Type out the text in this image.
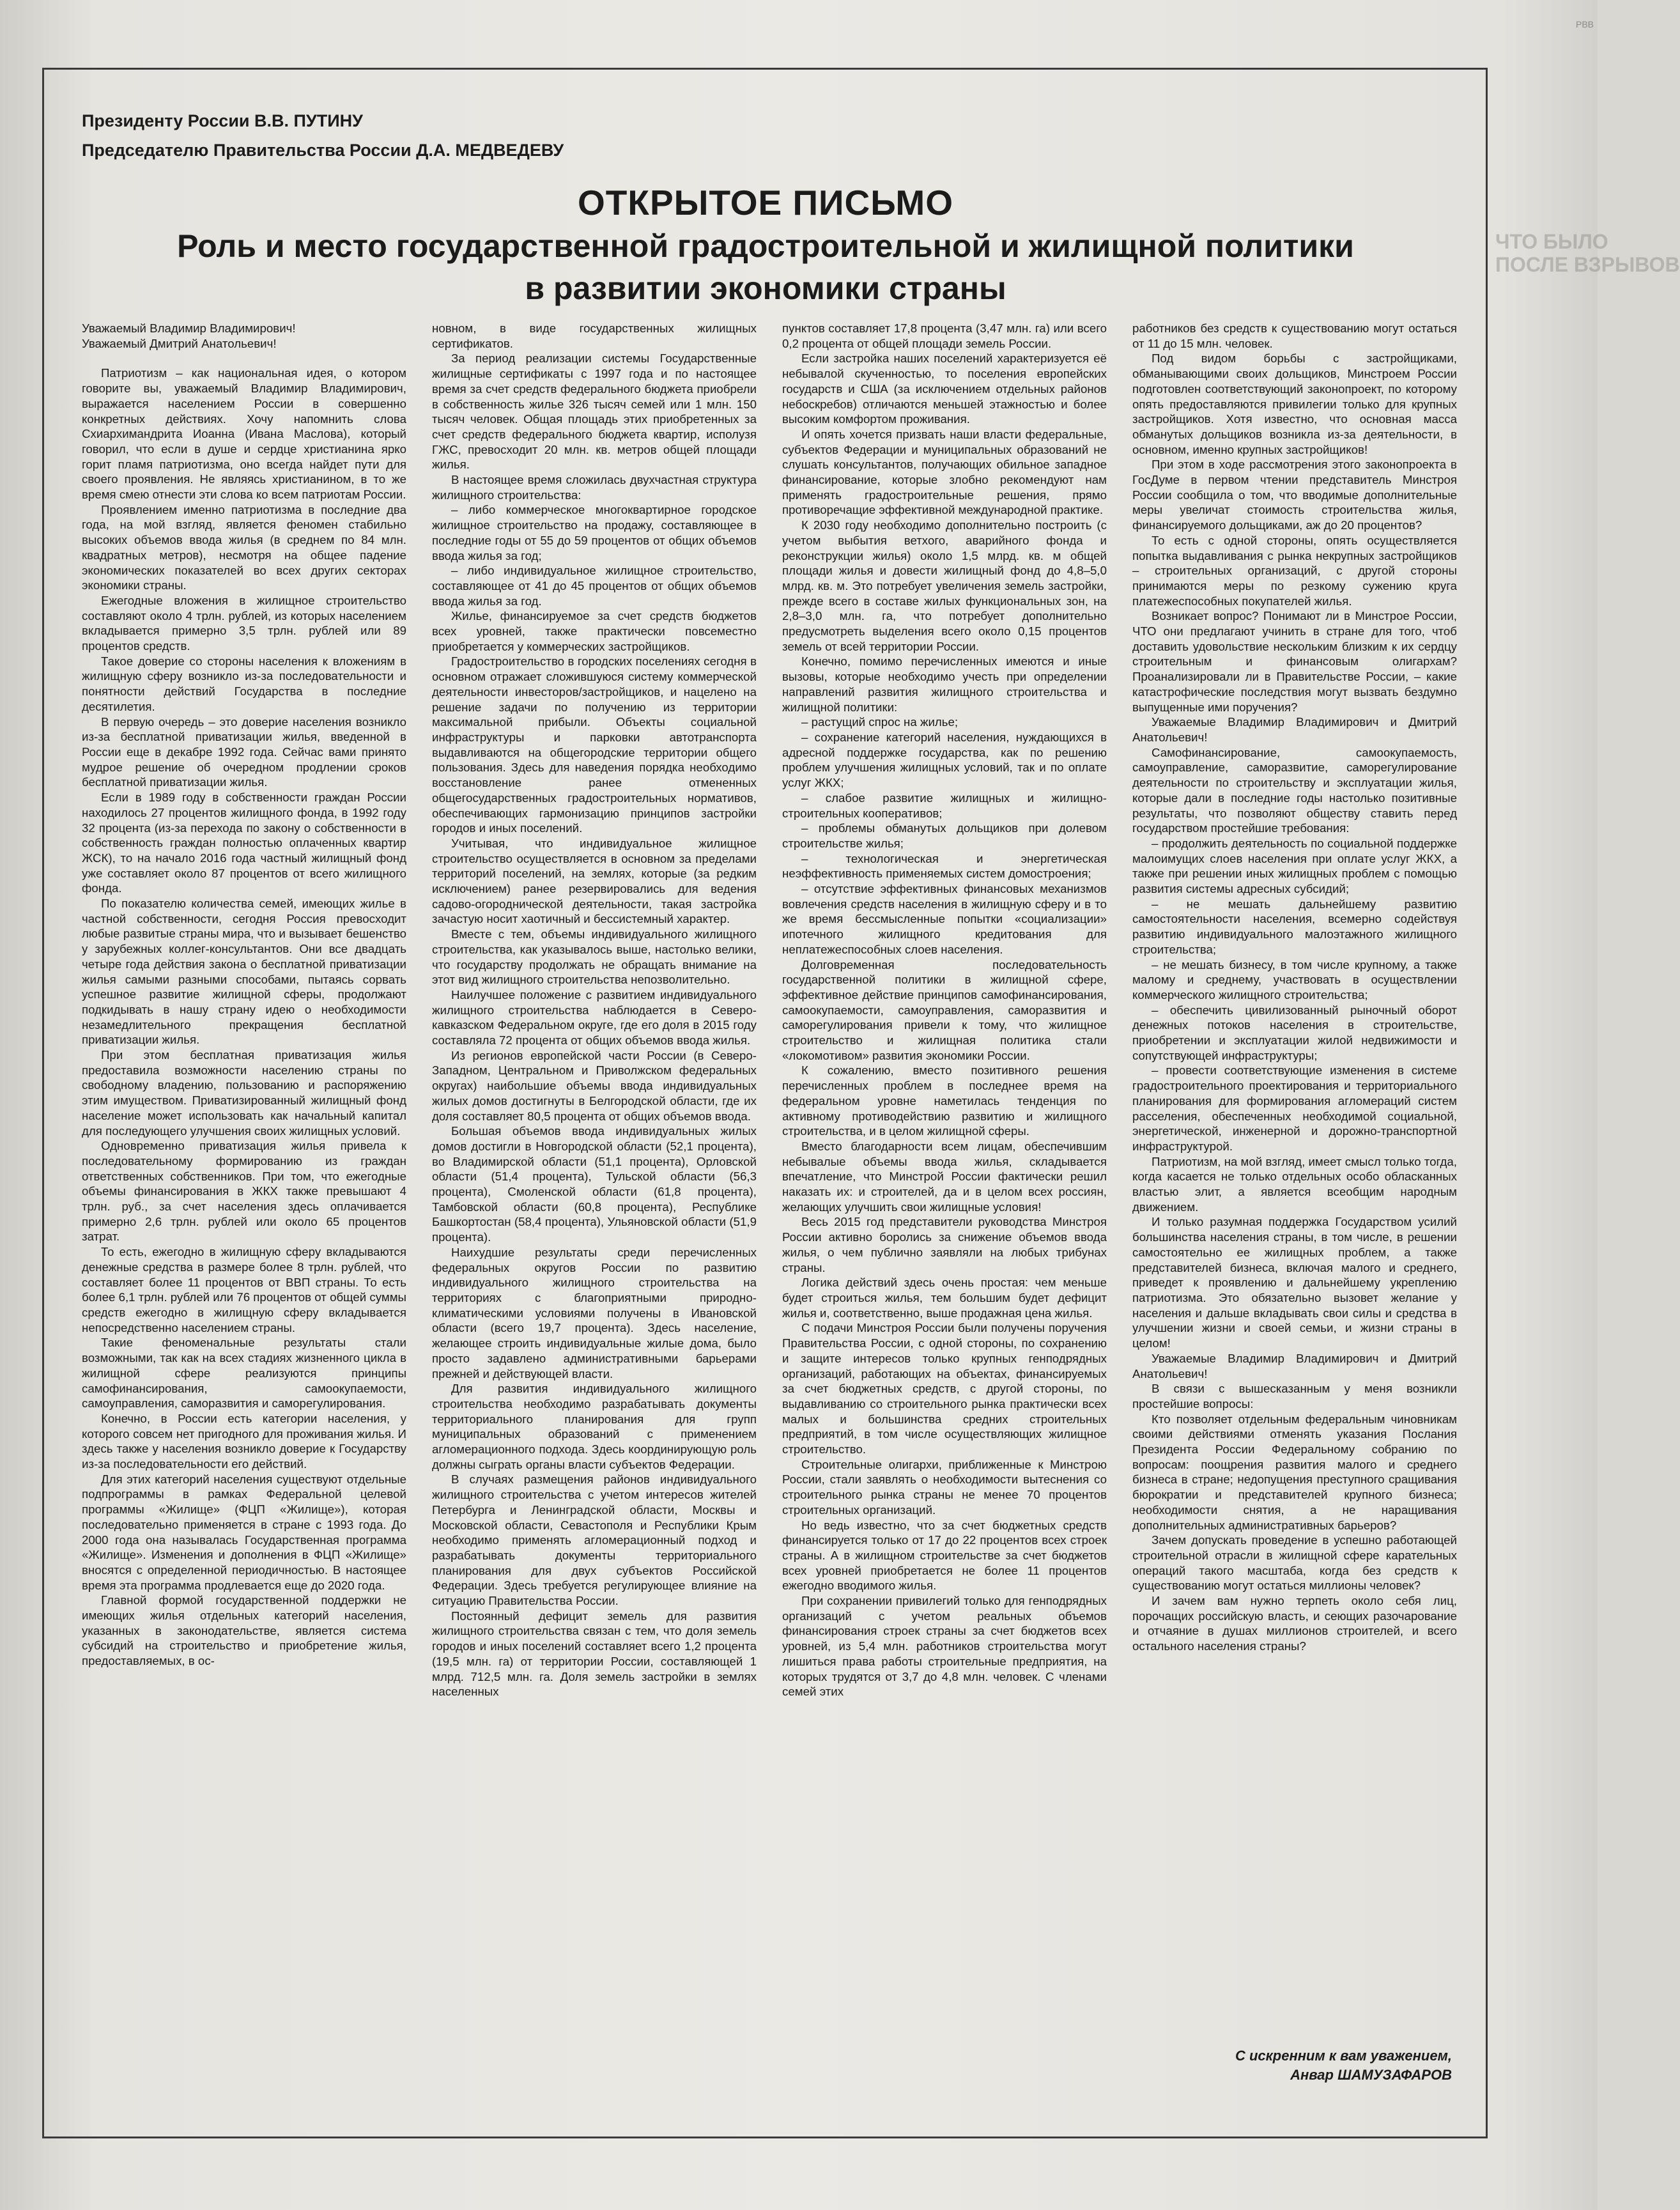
РВВ
ЧТО БЫЛО
ПОСЛЕ ВЗРЫВОВ
Президенту России В.В. ПУТИНУ
Председателю Правительства России Д.А. МЕДВЕДЕВУ
ОТКРЫТОЕ ПИСЬМО
Роль и место государственной градостроительной и жилищной политики
в развитии экономики страны

Уважаемый Владимир Владимирович!

Уважаемый Дмитрий Анатольевич!

Патриотизм – как национальная идея, о котором говорите вы, уважаемый Владимир Владимирович, выражается населением России в совершенно конкретных действиях. Хочу напомнить слова Схиархимандрита Иоанна (Ивана Маслова), который говорил, что если в душе и сердце христианина ярко горит пламя патриотизма, оно всегда найдет пути для своего проявления. Не являясь христианином, в то же время смею отнести эти слова ко всем патриотам России.

Проявлением именно патриотизма в последние два года, на мой взгляд, является феномен стабильно высоких объемов ввода жилья (в среднем по 84 млн. квадратных метров), несмотря на общее падение экономических показателей во всех других секторах экономики страны.

Ежегодные вложения в жилищное строительство составляют около 4 трлн. рублей, из которых населением вкладывается примерно 3,5 трлн. рублей или 89 процентов средств.

Такое доверие со стороны населения к вложениям в жилищную сферу возникло из-за последовательности и понятности действий Государства в последние десятилетия.

В первую очередь – это доверие населения возникло из-за бесплатной приватизации жилья, введенной в России еще в декабре 1992 года. Сейчас вами принято мудрое решение об очередном продлении сроков бесплатной приватизации жилья.

Если в 1989 году в собственности граждан России находилось 27 процентов жилищного фонда, в 1992 году 32 процента (из-за перехода по закону о собственности в собственность граждан полностью оплаченных квартир ЖСК), то на начало 2016 года частный жилищный фонд уже составляет около 87 процентов от всего жилищного фонда.

По показателю количества семей, имеющих жилье в частной собственности, сегодня Россия превосходит любые развитые страны мира, что и вызывает бешенство у зарубежных коллег-консультантов. Они все двадцать четыре года действия закона о бесплатной приватизации жилья самыми разными способами, пытаясь сорвать успешное развитие жилищной сферы, продолжают подкидывать в нашу страну идею о необходимости незамедлительного прекращения бесплатной приватизации жилья.

При этом бесплатная приватизация жилья предоставила возможности населению страны по свободному владению, пользованию и распоряжению этим имуществом. Приватизированный жилищный фонд население может использовать как начальный капитал для последующего улучшения своих жилищных условий.

Одновременно приватизация жилья привела к последовательному формированию из граждан ответственных собственников. При том, что ежегодные объемы финансирования в ЖКХ также превышают 4 трлн. руб., за счет населения здесь оплачивается примерно 2,6 трлн. рублей или около 65 процентов затрат.

То есть, ежегодно в жилищную сферу вкладываются денежные средства в размере более 8 трлн. рублей, что составляет более 11 процентов от ВВП страны. То есть более 6,1 трлн. рублей или 76 процентов от общей суммы средств ежегодно в жилищную сферу вкладывается непосредственно населением страны.

Такие феноменальные результаты стали возможными, так как на всех стадиях жизненного цикла в жилищной сфере реализуются принципы самофинансирования, самоокупаемости, самоуправления, саморазвития и саморегулирования.

Конечно, в России есть категории населения, у которого совсем нет пригодного для проживания жилья. И здесь также у населения возникло доверие к Государству из-за последовательности его действий.

Для этих категорий населения существуют отдельные подпрограммы в рамках Федеральной целевой программы «Жилище» (ФЦП «Жилище»), которая последовательно применяется в стране с 1993 года. До 2000 года она называлась Государственная программа «Жилище». Изменения и дополнения в ФЦП «Жилище» вносятся с определенной периодичностью. В настоящее время эта программа продлевается еще до 2020 года.

Главной формой государственной поддержки не имеющих жилья отдельных категорий населения, указанных в законодательстве, является система субсидий на строительство и приобретение жилья, предоставляемых, в ос-

новном, в виде государственных жилищных сертификатов.

За период реализации системы Государственные жилищные сертификаты с 1997 года и по настоящее время за счет средств федерального бюджета приобрели в собственность жилье 326 тысяч семей или 1 млн. 150 тысяч человек. Общая площадь этих приобретенных за счет средств федерального бюджета квартир, исполузя ГЖС, превосходит 20 млн. кв. метров общей площади жилья.

В настоящее время сложилась двухчастная структура жилищного строительства:

– либо коммерческое многоквартирное городское жилищное строительство на продажу, составляющее в последние годы от 55 до 59 процентов от общих объемов ввода жилья за год;

– либо индивидуальное жилищное строительство, составляющее от 41 до 45 процентов от общих объемов ввода жилья за год.

Жилье, финансируемое за счет средств бюджетов всех уровней, также практически повсеместно приобретается у коммерческих застройщиков.

Градостроительство в городских поселениях сегодня в основном отражает сложившуюся систему коммерческой деятельности инвесторов/застройщиков, и нацелено на решение задачи по получению из территории максимальной прибыли. Объекты социальной инфраструктуры и парковки автотранспорта выдавливаются на общегородские территории общего пользования. Здесь для наведения порядка необходимо восстановление ранее отмененных общегосударственных градостроительных нормативов, обеспечивающих гармонизацию принципов застройки городов и иных поселений.

Учитывая, что индивидуальное жилищное строительство осуществляется в основном за пределами территорий поселений, на землях, которые (за редким исключением) ранее резервировались для ведения садово-огороднической деятельности, такая застройка зачастую носит хаотичный и бессистемный характер.

Вместе с тем, объемы индивидуального жилищного строительства, как указывалось выше, настолько велики, что государству продолжать не обращать внимание на этот вид жилищного строительства непозволительно.

Наилучшее положение с развитием индивидуального жилищного строительства наблюдается в Северо-кавказском Федеральном округе, где его доля в 2015 году составляла 72 процента от общих объемов ввода жилья.

Из регионов европейской части России (в Северо-Западном, Центральном и Приволжском федеральных округах) наибольшие объемы ввода индивидуальных жилых домов достигнуты в Белгородской области, где их доля составляет 80,5 процента от общих объемов ввода.

Большая объемов ввода индивидуальных жилых домов достигли в Новгородской области (52,1 процента), во Владимирской области (51,1 процента), Орловской области (51,4 процента), Тульской области (56,3 процента), Смоленской области (61,8 процента), Тамбовской области (60,8 процента), Республике Башкортостан (58,4 процента), Ульяновской области (51,9 процента).

Наихудшие результаты среди перечисленных федеральных округов России по развитию индивидуального жилищного строительства на территориях с благоприятными природно-климатическими условиями получены в Ивановской области (всего 19,7 процента). Здесь население, желающее строить индивидуальные жилые дома, было просто задавлено административными барьерами прежней и действующей власти.

Для развития индивидуального жилищного строительства необходимо разрабатывать документы территориального планирования для групп муниципальных образований с применением агломерационного подхода. Здесь координирующую роль должны сыграть органы власти субъектов Федерации.

В случаях размещения районов индивидуального жилищного строительства с учетом интересов жителей Петербурга и Ленинградской области, Москвы и Московской области, Севастополя и Республики Крым необходимо применять агломерационный подход и разрабатывать документы территориального планирования для двух субъектов Российской Федерации. Здесь требуется регулирующее влияние на ситуацию Правительства России.

Постоянный дефицит земель для развития жилищного строительства связан с тем, что доля земель городов и иных поселений составляет всего 1,2 процента (19,5 млн. га) от территории России, составляющей 1 млрд. 712,5 млн. га. Доля земель застройки в землях населенных

пунктов составляет 17,8 процента (3,47 млн. га) или всего 0,2 процента от общей площади земель России.

Если застройка наших поселений характеризуется её небывалой скученностью, то поселения европейских государств и США (за исключением отдельных районов небоскребов) отличаются меньшей этажностью и более высоким комфортом проживания.

И опять хочется призвать наши власти федеральные, субъектов Федерации и муниципальных образований не слушать консультантов, получающих обильное западное финансирование, которые злобно рекомендуют нам применять градостроительные решения, прямо противоречащие эффективной международной практике.

К 2030 году необходимо дополнительно построить (с учетом выбытия ветхого, аварийного фонда и реконструкции жилья) около 1,5 млрд. кв. м общей площади жилья и довести жилищный фонд до 4,8–5,0 млрд. кв. м. Это потребует увеличения земель застройки, прежде всего в составе жилых функциональных зон, на 2,8–3,0 млн. га, что потребует дополнительно предусмотреть выделения всего около 0,15 процентов земель от всей территории России.

Конечно, помимо перечисленных имеются и иные вызовы, которые необходимо учесть при определении направлений развития жилищного строительства и жилищной политики:

– растущий спрос на жилье;

– сохранение категорий населения, нуждающихся в адресной поддержке государства, как по решению проблем улучшения жилищных условий, так и по оплате услуг ЖКХ;

– слабое развитие жилищных и жилищно-строительных кооперативов;

– проблемы обманутых дольщиков при долевом строительстве жилья;

– технологическая и энергетическая неэффективность применяемых систем домостроения;

– отсутствие эффективных финансовых механизмов вовлечения средств населения в жилищную сферу и в то же время бессмысленные попытки «социализации» ипотечного жилищного кредитования для неплатежеспособных слоев населения.

Долговременная последовательность государственной политики в жилищной сфере, эффективное действие принципов самофинансирования, самоокупаемости, самоуправления, саморазвития и саморегулирования привели к тому, что жилищное строительство и жилищная политика стали «локомотивом» развития экономики России.

К сожалению, вместо позитивного решения перечисленных проблем в последнее время на федеральном уровне наметилась тенденция по активному противодействию развитию и жилищного строительства, и в целом жилищной сферы.

Вместо благодарности всем лицам, обеспечившим небывалые объемы ввода жилья, складывается впечатление, что Минстрой России фактически решил наказать их: и строителей, да и в целом всех россиян, желающих улучшить свои жилищные условия!

Весь 2015 год представители руководства Минстроя России активно боролись за снижение объемов ввода жилья, о чем публично заявляли на любых трибунах страны.

Логика действий здесь очень простая: чем меньше будет строиться жилья, тем большим будет дефицит жилья и, соответственно, выше продажная цена жилья.

С подачи Минстроя России были получены поручения Правительства России, с одной стороны, по сохранению и защите интересов только крупных генподрядных организаций, работающих на объектах, финансируемых за счет бюджетных средств, с другой стороны, по выдавливанию со строительного рынка практически всех малых и большинства средних строительных предприятий, в том числе осуществляющих жилищное строительство.

Строительные олигархи, приближенные к Минстрою России, стали заявлять о необходимости вытеснения со строительного рынка страны не менее 70 процентов строительных организаций.

Но ведь известно, что за счет бюджетных средств финансируется только от 17 до 22 процентов всех строек страны. А в жилищном строительстве за счет бюджетов всех уровней приобретается не более 11 процентов ежегодно вводимого жилья.

При сохранении привилегий только для генподрядных организаций с учетом реальных объемов финансирования строек страны за счет бюджетов всех уровней, из 5,4 млн. работников строительства могут лишиться права работы строительные предприятия, на которых трудятся от 3,7 до 4,8 млн. человек. С членами семей этих

работников без средств к существованию могут остаться от 11 до 15 млн. человек.

Под видом борьбы с застройщиками, обманывающими своих дольщиков, Минстроем России подготовлен соответствующий законопроект, по которому опять предоставляются привилегии только для крупных застройщиков. Хотя известно, что основная масса обманутых дольщиков возникла из-за деятельности, в основном, именно крупных застройщиков!

При этом в ходе рассмотрения этого законопроекта в ГосДуме в первом чтении представитель Минстроя России сообщила о том, что вводимые дополнительные меры увеличат стоимость строительства жилья, финансируемого дольщиками, аж до 20 процентов?

То есть с одной стороны, опять осуществляется попытка выдавливания с рынка некрупных застройщиков – строительных организаций, с другой стороны принимаются меры по резкому сужению круга платежеспособных покупателей жилья.

Возникает вопрос? Понимают ли в Минстрое России, ЧТО они предлагают учинить в стране для того, чтоб доставить удовольствие нескольким близким к их сердцу строительным и финансовым олигархам? Проанализировали ли в Правительстве России, – какие катастрофические последствия могут вызвать бездумно выпущенные ими поручения?

Уважаемые Владимир Владимирович и Дмитрий Анатольевич!

Самофинансирование, самоокупаемость, самоуправление, саморазвитие, саморегулирование деятельности по строительству и эксплуатации жилья, которые дали в последние годы настолько позитивные результаты, что позволяют обществу ставить перед государством простейшие требования:

– продолжить деятельность по социальной поддержке малоимущих слоев населения при оплате услуг ЖКХ, а также при решении иных жилищных проблем с помощью развития системы адресных субсидий;

– не мешать дальнейшему развитию самостоятельности населения, всемерно содействуя развитию индивидуального малоэтажного жилищного строительства;

– не мешать бизнесу, в том числе крупному, а также малому и среднему, участвовать в осуществлении коммерческого жилищного строительства;

– обеспечить цивилизованный рыночный оборот денежных потоков населения в строительстве, приобретении и эксплуатации жилой недвижимости и сопутствующей инфраструктуры;

– провести соответствующие изменения в системе градостроительного проектирования и территориального планирования для формирования агломераций систем расселения, обеспеченных необходимой социальной, энергетической, инженерной и дорожно-транспортной инфраструктурой.

Патриотизм, на мой взгляд, имеет смысл только тогда, когда касается не только отдельных особо обласканных властью элит, а является всеобщим народным движением.

И только разумная поддержка Государством усилий большинства населения страны, в том числе, в решении самостоятельно ее жилищных проблем, а также представителей бизнеса, включая малого и среднего, приведет к проявлению и дальнейшему укреплению патриотизма. Это обязательно вызовет желание у населения и дальше вкладывать свои силы и средства в улучшении жизни и своей семьи, и жизни страны в целом!

Уважаемые Владимир Владимирович и Дмитрий Анатольевич!

В связи с вышесказанным у меня возникли простейшие вопросы:

Кто позволяет отдельным федеральным чиновникам своими действиями отменять указания Послания Президента России Федеральному собранию по вопросам: поощрения развития малого и среднего бизнеса в стране; недопущения преступного сращивания бюрократии и представителей крупного бизнеса; необходимости снятия, а не наращивания дополнительных административных барьеров?

Зачем допускать проведение в успешно работающей строительной отрасли в жилищной сфере карательных операций такого масштаба, когда без средств к существованию могут остаться миллионы человек?

И зачем вам нужно терпеть около себя лиц, порочащих российскую власть, и сеющих разочарование и отчаяние в душах миллионов строителей, и всего остального населения страны?

С искренним к вам уважением,
Анвар ШАМУЗАФАРОВ
